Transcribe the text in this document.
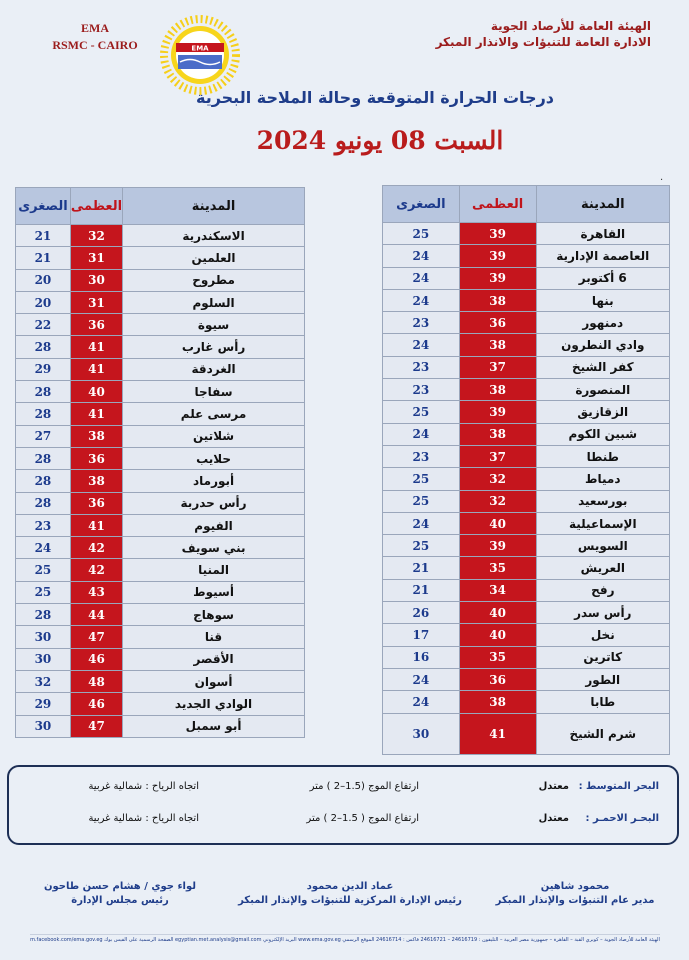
الهيئة العامة للأرصاد الجوية
الادارة العامة للتنبؤات والانذار المبكر
EMA
RSMC - CAIRO	EMA
درجات الحرارة المتوقعة وحالة الملاحة البحرية
السبت 08 يونيو 2024
.
الصغرى	العظمى	المدينة
21	32	الاسكندرية
21	31	العلمين
20	30	مطروح
20	31	السلوم
22	36	سيوة
28	41	رأس غارب
29	41	الغردقة
28	40	سفاجا
28	41	مرسى علم
27	38	شلاتين
28	36	حلايب
28	38	أبورماد
28	36	رأس حدربة
23	41	الفيوم
24	42	بني سويف
25	42	المنيا
25	43	أسيوط
28	44	سوهاج
30	47	قنا
30	46	الأقصر
32	48	أسوان
29	46	الوادي الجديد
30	47	أبو سمبل
الصغرى	العظمى	المدينة
25	39	القاهرة
24	39	العاصمة الإدارية
24	39	6 أكتوبر
24	38	بنها
23	36	دمنهور
24	38	وادي النطرون
23	37	كفر الشيخ
23	38	المنصورة
25	39	الزقازيق
24	38	شبين الكوم
23	37	طنطا
25	32	دمياط
25	32	بورسعيد
24	40	الإسماعيلية
25	39	السويس
21	35	العريش
21	34	رفح
26	40	رأس سدر
17	40	نخل
16	35	كاترين
24	36	الطور
24	38	طابا
30	41	شرم الشيخ
البحر المتوسط :
معتدل
ارتفاع الموج (1.5–2 ) متر
اتجاه الرياح : شمالية غربية
البحـر الاحمـر :
معتدل
ارتفاع الموج ( 1.5–2 ) متر
اتجاه الرياح : شمالية غربية
محمود شاهين
مدير عام التنبؤات والإنذار المبكر
عماد الدين محمود
رئيس الإدارة المركزية للتنبؤات والإنذار المبكر
لواء جوي / هشام حسن طاحون
رئيس مجلس الإدارة
الهيئة العامة للأرصاد الجوية – كوبري القبة – القاهرة – جمهورية مصر العربية – التليفون : 24616719 – 24616721 فاكس : 24616714 الموقع الرسمي www.ema.gov.eg البريد الإلكتروني egyptian.met.analysis@gmail.com الصفحة الرسمية على الفيس بوك m.facebook.com/ema.gov.eg
